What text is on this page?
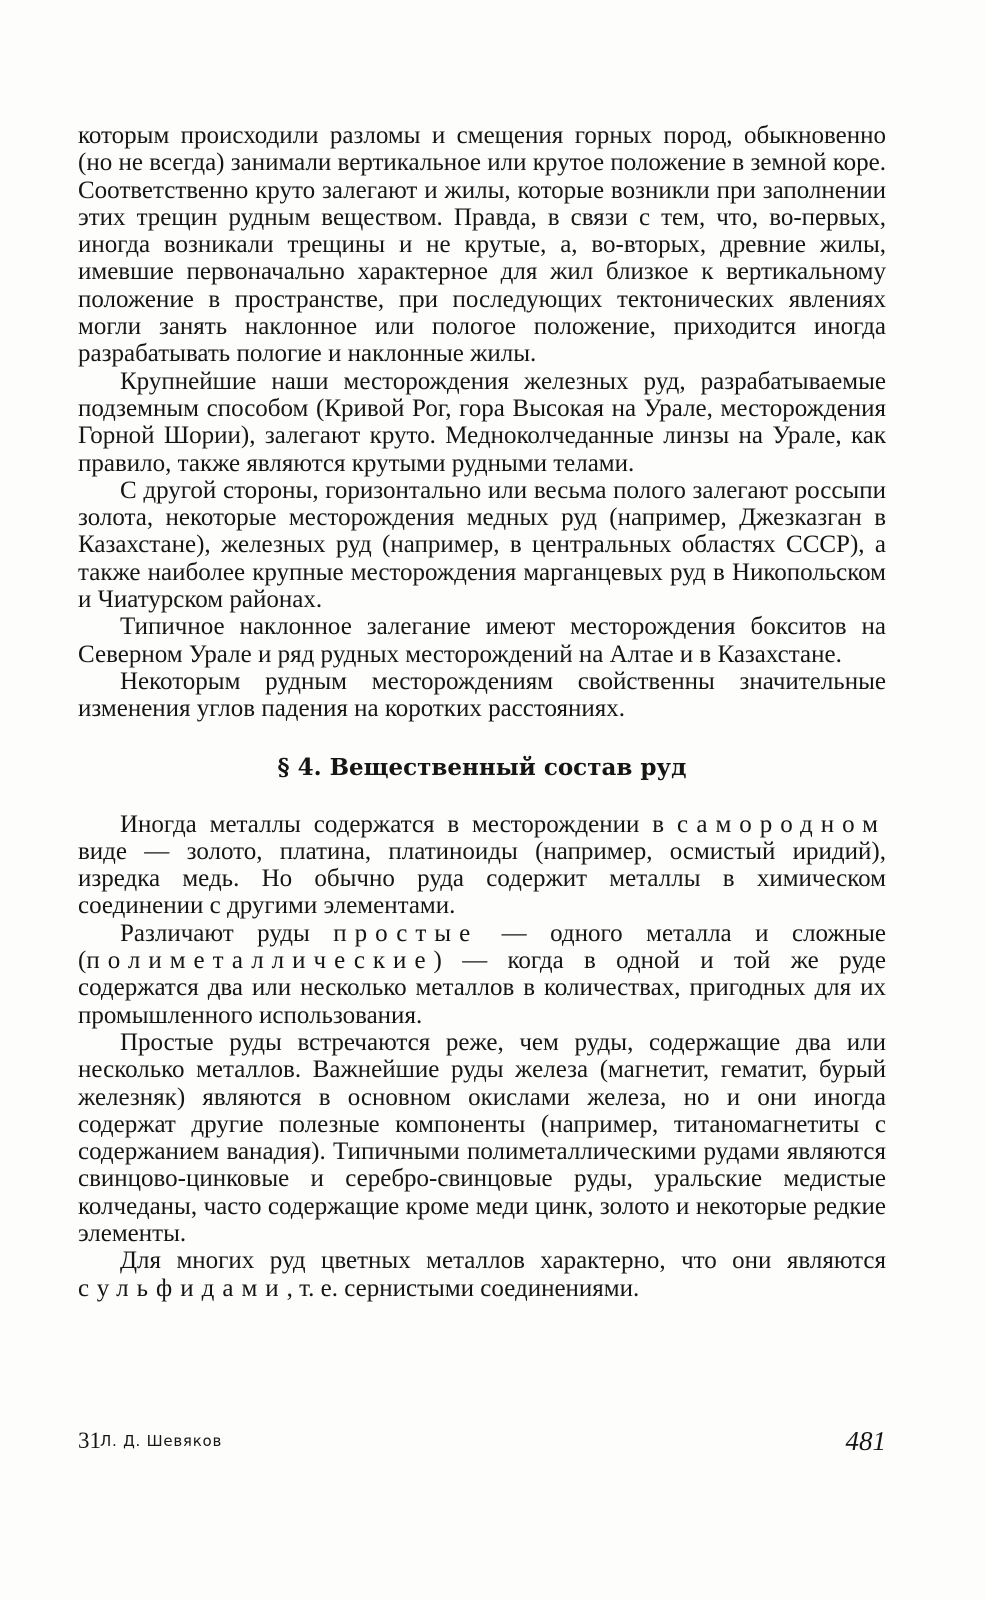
которым происходили разломы и смещения горных пород, обыкновенно (но не всегда) занимали вертикальное или крутое положение в земной коре. Соответственно круто залегают и жилы, которые возникли при заполнении этих трещин рудным веществом. Правда, в связи с тем, что, во-первых, иногда возникали трещины и не крутые, а, во-вторых, древние жилы, имевшие первоначально характерное для жил близкое к вертикальному положение в пространстве, при последующих тектонических явлениях могли занять наклонное или пологое положение, приходится иногда разрабатывать пологие и наклонные жилы.

Крупнейшие наши месторождения железных руд, разрабатываемые подземным способом (Кривой Рог, гора Высокая на Урале, месторождения Горной Шории), залегают круто. Медноколчеданные линзы на Урале, как правило, также являются крутыми рудными телами.

С другой стороны, горизонтально или весьма полого залегают россыпи золота, некоторые месторождения медных руд (например, Джезказган в Казахстане), железных руд (например, в центральных областях СССР), а также наиболее крупные месторождения марганцевых руд в Никопольском и Чиатурском районах.

Типичное наклонное залегание имеют месторождения бокситов на Северном Урале и ряд рудных месторождений на Алтае и в Казахстане.

Некоторым рудным месторождениям свойственны значительные изменения углов падения на коротких расстояниях.

§ 4. Вещественный состав руд

Иногда металлы содержатся в месторождении в самородном виде — золото, платина, платиноиды (например, осмистый иридий), изредка медь. Но обычно руда содержит металлы в химическом соединении с другими элементами.

Различают руды простые — одного металла и сложные (полиметаллические) — когда в одной и той же руде содержатся два или несколько металлов в количествах, пригодных для их промышленного использования.

Простые руды встречаются реже, чем руды, содержащие два или несколько металлов. Важнейшие руды железа (магнетит, гематит, бурый железняк) являются в основном окислами железа, но и они иногда содержат другие полезные компоненты (например, титаномагнетиты с содержанием ванадия). Типичными полиметаллическими рудами являются свинцово-цинковые и серебро-свинцовые руды, уральские медистые колчеданы, часто содержащие кроме меди цинк, золото и некоторые редкие элементы.

Для многих руд цветных металлов характерно, что они являются сульфидами, т. е. сернистыми соединениями.

31 Л. Д. Шевяков	481
